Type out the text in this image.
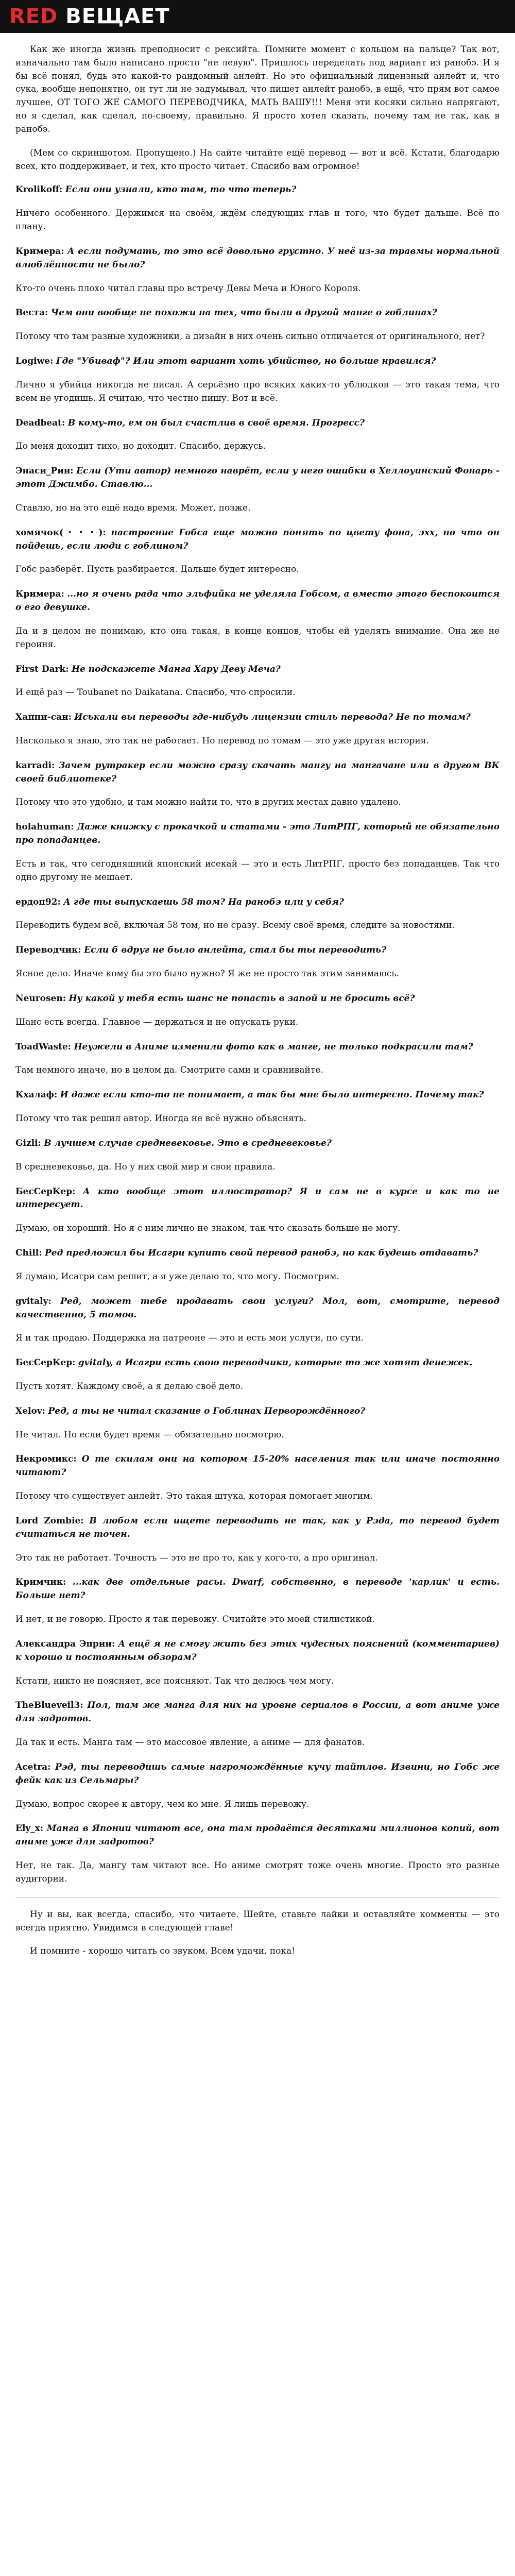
RED ВЕЩАЕТ

Как же иногда жизнь преподносит с рексийта. Помните момент с кольцом на пальце? Так вот, изначально там было написано просто "не левую". Пришлось переделать под вариант из ранобэ. И я бы всё понял, будь это какой-то рандомный анлейт. Но это официальный лицензный анлейт и, что сука, вообще непонятно, он тут ли не задумывал, что пишет анлейт ранобэ, в ещё, что прям вот самое лучшее, ОТ ТОГО ЖЕ САМОГО ПЕРЕВОДЧИКА, МАТЬ ВАШУ!!! Меня эти косяки сильно напрягают, но я сделал, как сделал, по-своему, правильно. Я просто хотел сказать, почему там не так, как в ранобэ.

(Мем со скриншотом. Пропущено.) На сайте читайте ещё перевод — вот и всё. Кстати, благодарю всех, кто поддерживает, и тех, кто просто читает. Спасибо вам огромное!

Krolikoff: Если они узнали, кто там, то что теперь?

Ничего особенного. Держимся на своём, ждём следующих глав и того, что будет дальше. Всё по плану.

Кримера: А если подумать, то это всё довольно грустно. У неё из-за травмы нормальной влюблённости не было?

Кто-то очень плохо читал главы про встречу Девы Меча и Юного Короля.

Веста: Чем они вообще не похожи на тех, что были в другой манге о гоблинах?

Потому что там разные художники, а дизайн в них очень сильно отличается от оригинального, нет?

Logiwe: Где "Убиваф"? Или этот вариант хоть убийство, но больше нравился?

Лично я убийца никогда не писал. А серьёзно про всяких каких-то ублюдков — это такая тема, что всем не угодишь. Я считаю, что честно пишу. Вот и всё.

Deadbeat: В кому-то, ем он был счастлив в своё время. Прогресс?

До меня доходит тихо, но доходит. Спасибо, держусь.

Энаси_Рин: Если (Ути автор) немного наврёт, если у него ошибки в Хеллоуинский Фонарь - этот Джимбо. Ставлю...

Ставлю, но на это ещё надо время. Может, позже.

хомячок(・・・): настроение Гобса еще можно понять по цвету фона, эхх, но что он пойдешь, если люди с гоблином?

Гобс разберёт. Пусть разбирается. Дальше будет интересно.

Кримера: ...но я очень рада что эльфийка не уделяла Гобсом, а вместо этого беспокоится о его девушке.

Да и в целом не понимаю, кто она такая, в конце концов, чтобы ей уделять внимание. Она же не героиня.

First Dark: Не подскажете Манга Хару Деву Меча?

И ещё раз — Toubanet no Daikatana. Спасибо, что спросили.

Хаппи-сан: Иськали вы переводы где-нибудь лицензии стиль перевода? Не по томам?

Насколько я знаю, это так не работает. Но перевод по томам — это уже другая история.

karradi: Зачем рутракер если можно сразу скачать мангу на мангачане или в другом ВК своей библиотеке?

Потому что это удобно, и там можно найти то, что в других местах давно удалено.

holahuman: Даже книжку с прокачкой и статами - это ЛитРПГ, который не обязательно про попаданцев.

Есть и так, что сегодняшний японский исекай — это и есть ЛитРПГ, просто без попаданцев. Так что одно другому не мешает.

ердоп92: А где ты выпускаешь 58 том? На ранобэ или у себя?

Переводить будем всё, включая 58 том, но не сразу. Всему своё время, следите за новостями.

Переводчик: Если б вдруг не было анлейта, стал бы ты переводить?

Ясное дело. Иначе кому бы это было нужно? Я же не просто так этим занимаюсь.

Neurosen: Ну какой у тебя есть шанс не попасть в запой и не бросить всё?

Шанс есть всегда. Главное — держаться и не опускать руки.

ToadWaste: Неужели в Аниме изменили фото как в манге, не только подкрасили там?

Там немного иначе, но в целом да. Смотрите сами и сравнивайте.

Кхалаф: И даже если кто-то не понимает, а так бы мне было интересно. Почему так?

Потому что так решил автор. Иногда не всё нужно объяснять.

Gizli: В лучшем случае средневековье. Это в средневековье?

В средневековье, да. Но у них свой мир и свои правила.

БесСерКер: А кто вообще этот иллюстратор? Я и сам не в курсе и как то не интересует.

Думаю, он хороший. Но я с ним лично не знаком, так что сказать больше не могу.

Chill: Ред предложил бы Исагри купить свой перевод ранобэ, но как будешь отдавать?

Я думаю, Исагри сам решит, а я уже делаю то, что могу. Посмотрим.

gvitaly: Ред, может тебе продавать свои услуги? Мол, вот, смотрите, перевод качественно, 5 томов.

Я и так продаю. Поддержка на патреоне — это и есть мои услуги, по сути.

БесСерКер: gvitaly, а Исагри есть свою переводчики, которые то же хотят денежек.

Пусть хотят. Каждому своё, а я делаю своё дело.

Xelov: Ред, а ты не читал сказание о Гоблинах Перворождённого?

Не читал. Но если будет время — обязательно посмотрю.

Некромикс: О те скилам они на котором 15-20% населения так или иначе постоянно читают?

Потому что существует анлейт. Это такая штука, которая помогает многим.

Lord Zombie: В любом если ищете переводить не так, как у Рэда, то перевод будет считаться не точен.

Это так не работает. Точность — это не про то, как у кого-то, а про оригинал.

Кримчик: ...как две отдельные расы. Dwarf, собственно, в переводе 'карлик' и есть. Больше нет?

И нет, и не говорю. Просто я так перевожу. Считайте это моей стилистикой.

Александра Эприн: А ещё я не смогу жить без этих чудесных пояснений (комментариев) к хорошо и постоянным обзорам?

Кстати, никто не поясняет, все поясняют. Так что делюсь чем могу.

TheBlueveil3: Пол, там же манга для них на уровне сериалов в России, а вот аниме уже для задротов.

Да так и есть. Манга там — это массовое явление, а аниме — для фанатов.

Acetra: Рэд, ты переводишь самые нагромождённые кучу тайтлов. Извини, но Гобс же фейк как из Сельмары?

Думаю, вопрос скорее к автору, чем ко мне. Я лишь перевожу.

Ely_x: Манга в Японии читают все, она там продаётся десятками миллионов копий, вот аниме уже для задротов?

Нет, не так. Да, мангу там читают все. Но аниме смотрят тоже очень многие. Просто это разные аудитории.

Ну и вы, как всегда, спасибо, что читаете. Шейте, ставьте лайки и оставляйте комменты — это всегда приятно. Увидимся в следующей главе!

И помните - хорошо читать со звуком. Всем удачи, пока!
